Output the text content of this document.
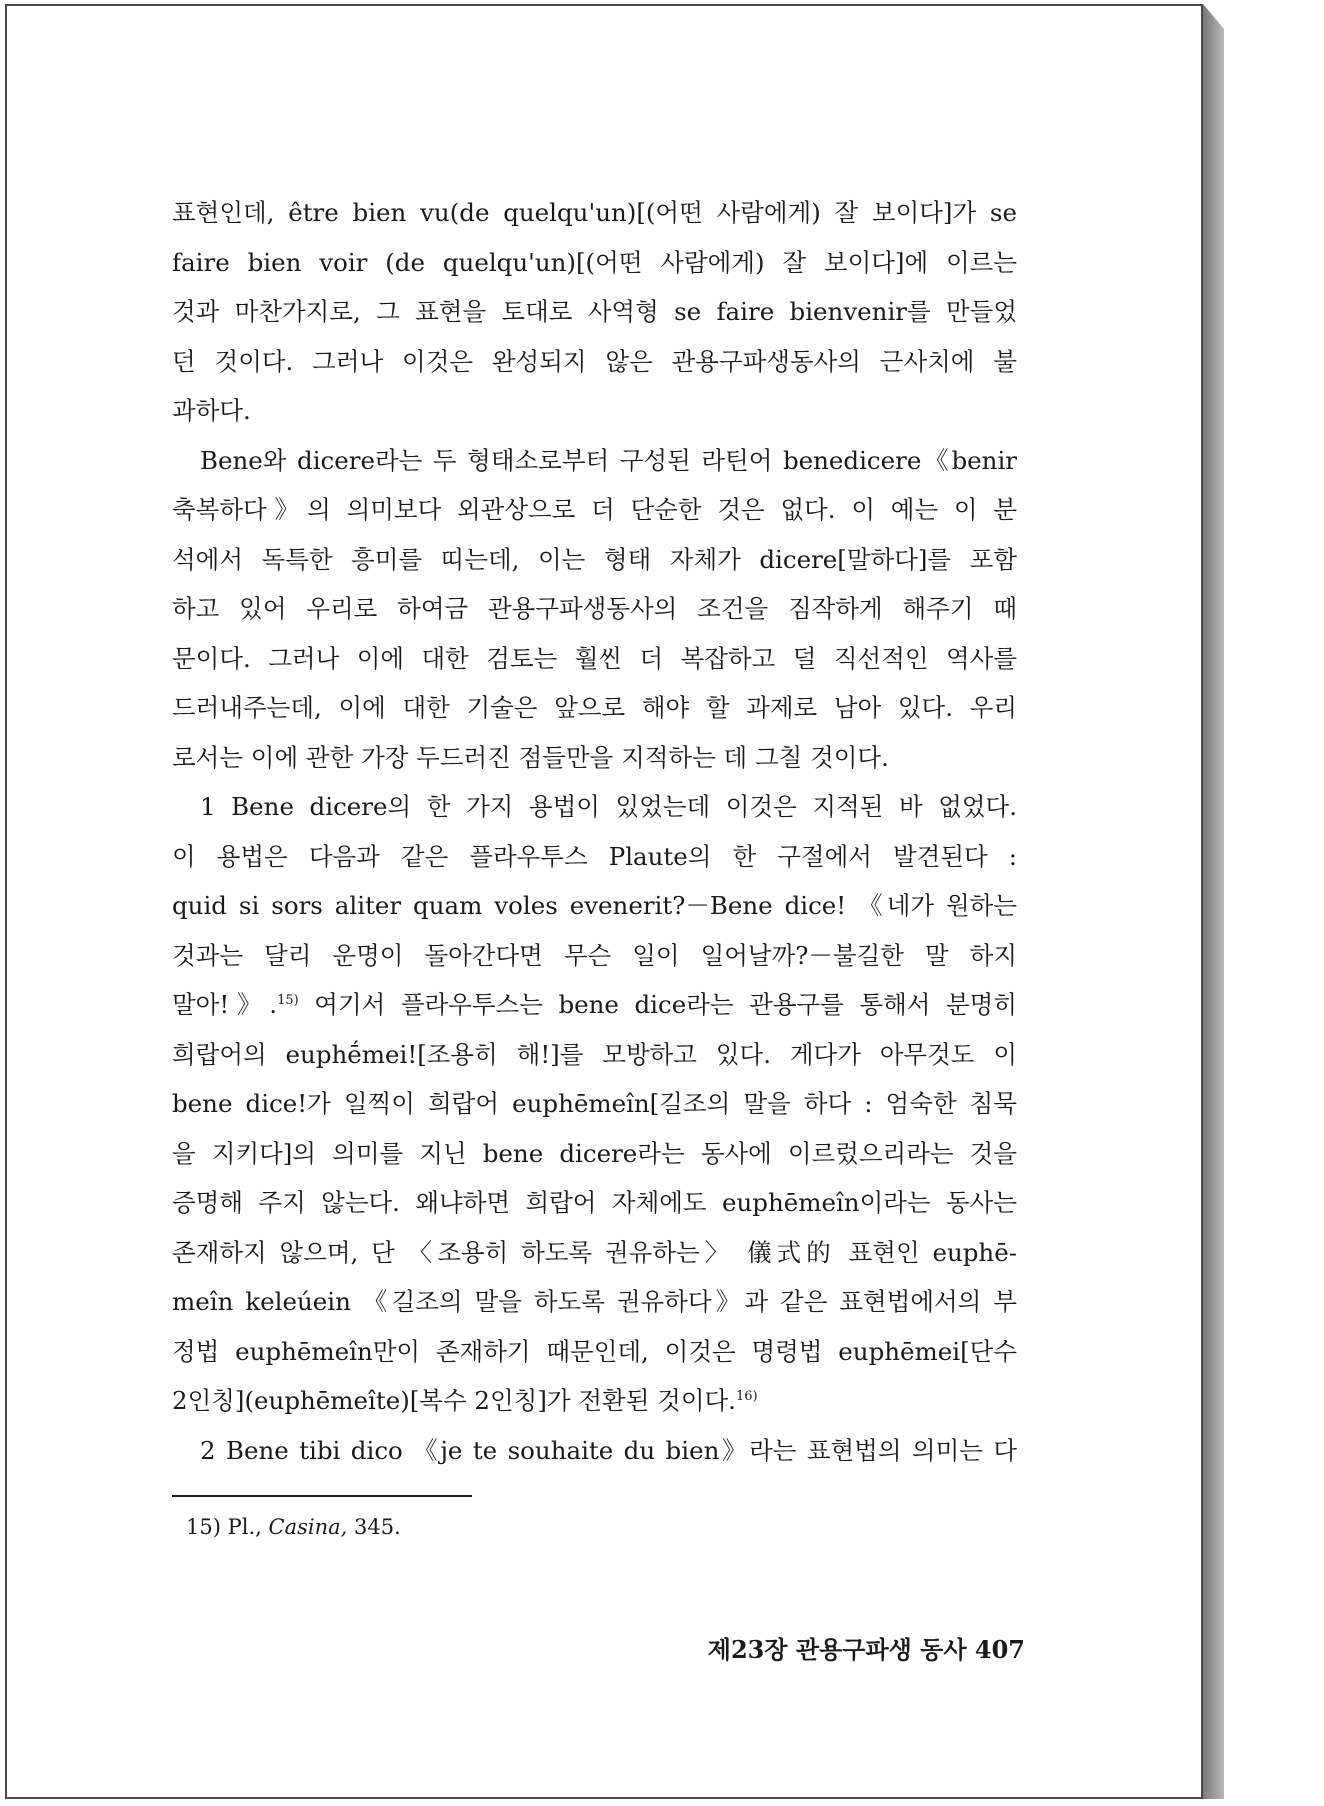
표현인데, être bien vu(de quelqu'un)[(어떤 사람에게) 잘 보이다]가 se
faire bien voir (de quelqu'un)[(어떤 사람에게) 잘 보이다]에 이르는
것과 마찬가지로, 그 표현을 토대로 사역형 se faire bienvenir를 만들었
던 것이다. 그러나 이것은 완성되지 않은 관용구파생동사의 근사치에 불
과하다.
Bene와 dicere라는 두 형태소로부터 구성된 라틴어 benedicere《benir
축복하다》의 의미보다 외관상으로 더 단순한 것은 없다. 이 예는 이 분
석에서 독특한 흥미를 띠는데, 이는 형태 자체가 dicere[말하다]를 포함
하고 있어 우리로 하여금 관용구파생동사의 조건을 짐작하게 해주기 때
문이다. 그러나 이에 대한 검토는 훨씬 더 복잡하고 덜 직선적인 역사를
드러내주는데, 이에 대한 기술은 앞으로 해야 할 과제로 남아 있다. 우리
로서는 이에 관한 가장 두드러진 점들만을 지적하는 데 그칠 것이다.
1 Bene dicere의 한 가지 용법이 있었는데 이것은 지적된 바 없었다.
이 용법은 다음과 같은 플라우투스 Plaute의 한 구절에서 발견된다 :
quid si sors aliter quam voles evenerit?－Bene dice! 《네가 원하는
것과는 달리 운명이 돌아간다면 무슨 일이 일어날까?－불길한 말 하지
말아!》.$^{15)}$ 여기서 플라우투스는 bene dice라는 관용구를 통해서 분명히
희랍어의 euphḗmei![조용히 해!]를 모방하고 있다. 게다가 아무것도 이
bene dice!가 일찍이 희랍어 euphēmeîn[길조의 말을 하다 : 엄숙한 침묵
을 지키다]의 의미를 지닌 bene dicere라는 동사에 이르렀으리라는 것을
증명해 주지 않는다. 왜냐하면 희랍어 자체에도 euphēmeîn이라는 동사는
존재하지 않으며, 단 〈조용히 하도록 권유하는〉 儀式的 표현인 euphē-
meîn keleúein 《길조의 말을 하도록 권유하다》과 같은 표현법에서의 부
정법 euphēmeîn만이 존재하기 때문인데, 이것은 명령법 euphēmei[단수
2인칭](euphēmeîte)[복수 2인칭]가 전환된 것이다.$^{16)}$
2 Bene tibi dico 《je te souhaite du bien》라는 표현법의 의미는 다
15) Pl., Casina, 345.
제23장 관용구파생 동사 407
